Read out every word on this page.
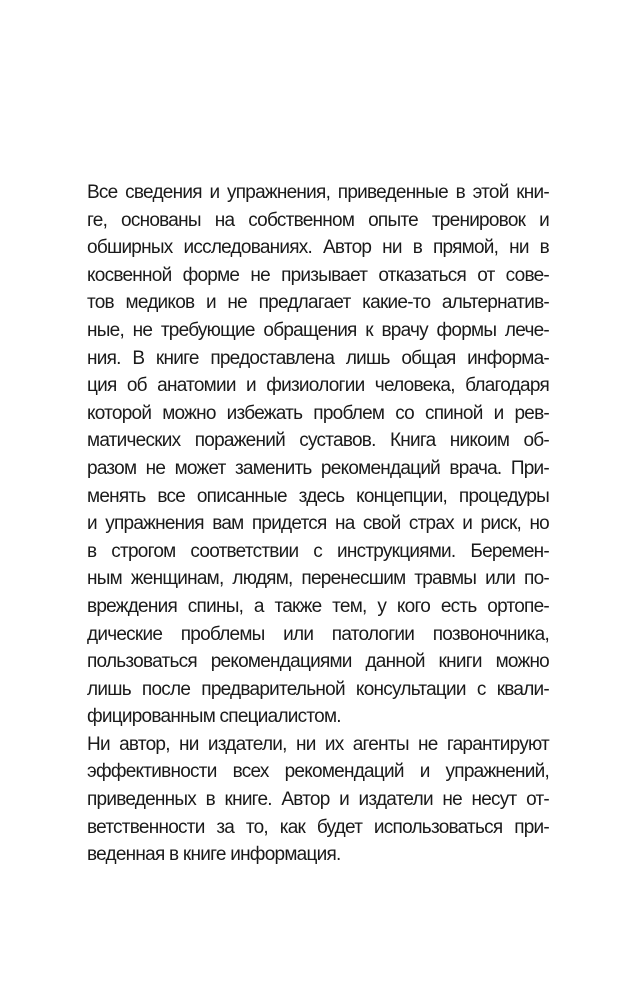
Все сведения и упражнения, приведенные в этой кни-
ге, основаны на собственном опыте тренировок и
обширных исследованиях. Автор ни в прямой, ни в
косвенной форме не призывает отказаться от сове-
тов медиков и не предлагает какие-то альтернатив-
ные, не требующие обращения к врачу формы лече-
ния. В книге предоставлена лишь общая информа-
ция об анатомии и физиологии человека, благодаря
которой можно избежать проблем со спиной и рев-
матических поражений суставов. Книга никоим об-
разом не может заменить рекомендаций врача. При-
менять все описанные здесь концепции, процедуры
и упражнения вам придется на свой страх и риск, но
в строгом соответствии с инструкциями. Беремен-
ным женщинам, людям, перенесшим травмы или по-
вреждения спины, а также тем, у кого есть ортопе-
дические проблемы или патологии позвоночника,
пользоваться рекомендациями данной книги можно
лишь после предварительной консультации с квали-
фицированным специалистом.
Ни автор, ни издатели, ни их агенты не гарантируют
эффективности всех рекомендаций и упражнений,
приведенных в книге. Автор и издатели не несут от-
ветственности за то, как будет использоваться при-
веденная в книге информация.
